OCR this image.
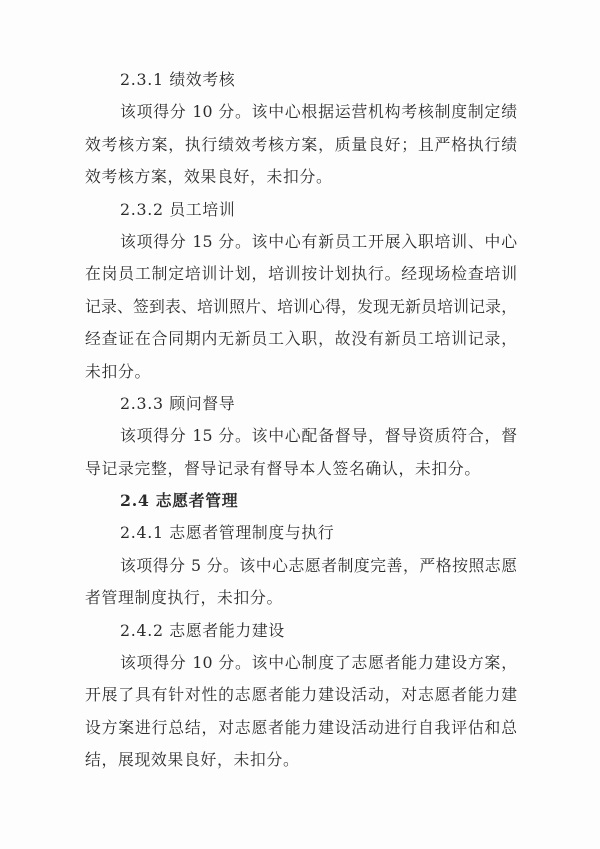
2.3.1 绩效考核
该项得分 10 分。该中心根据运营机构考核制度制定绩
效考核方案，执行绩效考核方案，质量良好；且严格执行绩
效考核方案，效果良好，未扣分。
2.3.2 员工培训
该项得分 15 分。该中心有新员工开展入职培训、中心
在岗员工制定培训计划，培训按计划执行。经现场检查培训
记录、签到表、培训照片、培训心得，发现无新员培训记录，
经查证在合同期内无新员工入职，故没有新员工培训记录，
未扣分。
2.3.3 顾问督导
该项得分 15 分。该中心配备督导，督导资质符合，督
导记录完整，督导记录有督导本人签名确认，未扣分。
2.4 志愿者管理
2.4.1 志愿者管理制度与执行
该项得分 5 分。该中心志愿者制度完善，严格按照志愿
者管理制度执行，未扣分。
2.4.2 志愿者能力建设
该项得分 10 分。该中心制度了志愿者能力建设方案，
开展了具有针对性的志愿者能力建设活动，对志愿者能力建
设方案进行总结，对志愿者能力建设活动进行自我评估和总
结，展现效果良好，未扣分。
